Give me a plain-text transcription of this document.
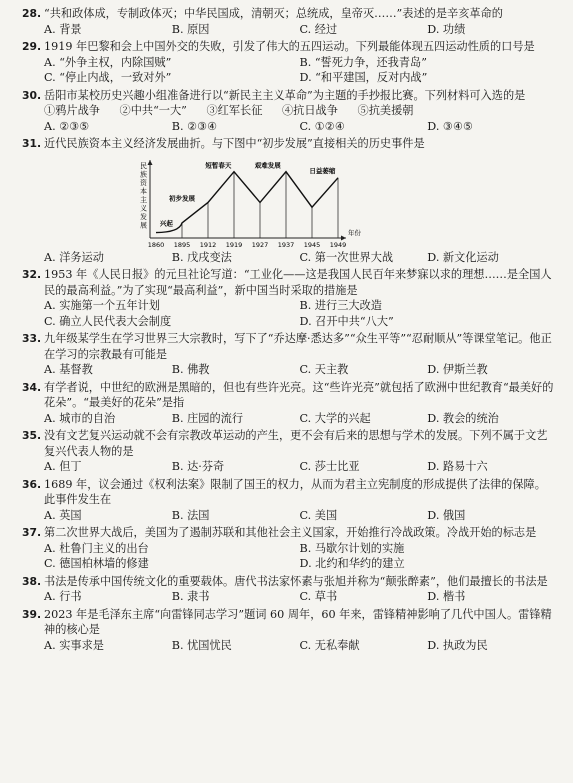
28. “共和政体成，专制政体灭；中华民国成，清朝灭；总统成，皇帝灭……”表述的是辛亥革命的
A. 背景	B. 原因	C. 经过	D. 功绩
29. 1919 年巴黎和会上中国外交的失败，引发了伟大的五四运动。下列最能体现五四运动性质的口号是
A. “外争主权，内除国贼”	B. “誓死力争，还我青岛”
C. “停止内战，一致对外”	D. “和平建国，反对内战”
30. 岳阳市某校历史兴趣小组准备进行以“新民主主义革命”为主题的手抄报比赛。下列材料可入选的是
①鸦片战争 ②中共“一大” ③红军长征 ④抗日战争 ⑤抗美援朝
A. ②③⑤	B. ②③④	C. ①②④	D. ③④⑤
31. 近代民族资本主义经济发展曲折。与下图中“初步发展”直接相关的历史事件是
民族资本主义发展
年份
1860 1895 1912 1919 1927 1937 1945 1949
兴起
初步发展
短暂春天	艰难发展
日益萎缩
A. 洋务运动	B. 戊戌变法	C. 第一次世界大战	D. 新文化运动
32. 1953 年《人民日报》的元旦社论写道：“工业化——这是我国人民百年来梦寐以求的理想……是全国人民的最高利益。”为了实现“最高利益”，新中国当时采取的措施是
A. 实施第一个五年计划	B. 进行三大改造
C. 确立人民代表大会制度	D. 召开中共“八大”
33. 九年级某学生在学习世界三大宗教时，写下了“乔达摩·悉达多”“众生平等”“忍耐顺从”等课堂笔记。他正在学习的宗教最有可能是
A. 基督教	B. 佛教	C. 天主教	D. 伊斯兰教
34. 有学者说，中世纪的欧洲是黑暗的，但也有些许光亮。这“些许光亮”就包括了欧洲中世纪教育“最美好的花朵”。“最美好的花朵”是指
A. 城市的自治	B. 庄园的流行	C. 大学的兴起	D. 教会的统治
35. 没有文艺复兴运动就不会有宗教改革运动的产生，更不会有后来的思想与学术的发展。下列不属于文艺复兴代表人物的是
A. 但丁	B. 达·芬奇	C. 莎士比亚	D. 路易十六
36. 1689 年，议会通过《权利法案》限制了国王的权力，从而为君主立宪制度的形成提供了法律的保障。此事件发生在
A. 英国	B. 法国	C. 美国	D. 俄国
37. 第二次世界大战后，美国为了遏制苏联和其他社会主义国家，开始推行冷战政策。冷战开始的标志是
A. 杜鲁门主义的出台	B. 马歇尔计划的实施
C. 德国柏林墙的修建	D. 北约和华约的建立
38. 书法是传承中国传统文化的重要载体。唐代书法家怀素与张旭并称为“颠张醉素”，他们最擅长的书法是
A. 行书	B. 隶书	C. 草书	D. 楷书
39. 2023 年是毛泽东主席“向雷锋同志学习”题词 60 周年，60 年来，雷锋精神影响了几代中国人。雷锋精神的核心是
A. 实事求是	B. 忧国忧民	C. 无私奉献	D. 执政为民
